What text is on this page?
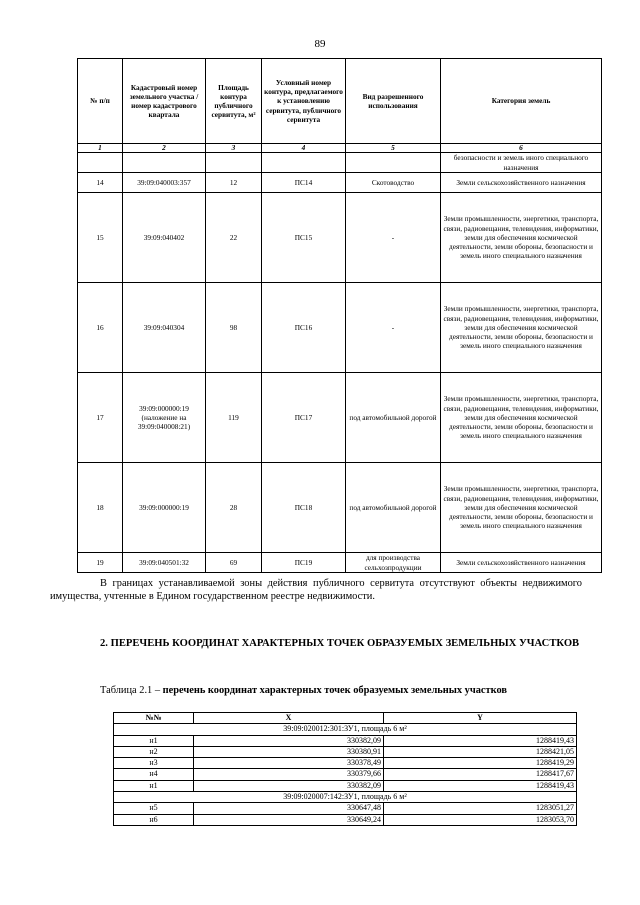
89
№ п/п	Кадастровый номер земельного участка / номер кадастрового квартала	Площадь контура публичного сервитута, м²	Условный номер контура, предлагаемого к установлению сервитута, публичного сервитута	Вид разрешенного использования	Категория земель
1	2	3	4	5	6
					безопасности и земель иного специального назначения
14	39:09:040003:357	12	ПС14	Скотоводство	Земли сельскохозяйственного назначения
15	39:09:040402	22	ПС15	-	Земли промышленности, энергетики, транспорта, связи, радиовещания, телевидения, информатики, земли для обеспечения космической деятельности, земли обороны, безопасности и земель иного специального назначения
16	39:09:040304	98	ПС16	-	Земли промышленности, энергетики, транспорта, связи, радиовещания, телевидения, информатики, земли для обеспечения космической деятельности, земли обороны, безопасности и земель иного специального назначения
17	39:09:000000:19 (наложение на 39:09:040008:21)	119	ПС17	под автомобильной дорогой	Земли промышленности, энергетики, транспорта, связи, радиовещания, телевидения, информатики, земли для обеспечения космической деятельности, земли обороны, безопасности и земель иного специального назначения
18	39:09:000000:19	28	ПС18	под автомобильной дорогой	Земли промышленности, энергетики, транспорта, связи, радиовещания, телевидения, информатики, земли для обеспечения космической деятельности, земли обороны, безопасности и земель иного специального назначения
19	39:09:040501:32	69	ПС19	для производства сельхозпродукции	Земли сельскохозяйственного назначения
В границах устанавливаемой зоны действия публичного сервитута отсутствуют объекты недвижимого имущества, учтенные в Едином государственном реестре недвижимости.
2. ПЕРЕЧЕНЬ КООРДИНАТ ХАРАКТЕРНЫХ ТОЧЕК ОБРАЗУЕМЫХ ЗЕМЕЛЬНЫХ УЧАСТКОВ
Таблица 2.1 – перечень координат характерных точек образуемых земельных участков
№№	X	Y
39:09:020012:301:ЗУ1, площадь 6 м²		
н1	330382,09	1288419,43
н2	330380,91	1288421,05
н3	330378,49	1288419,29
н4	330379,66	1288417,67
н1	330382,09	1288419,43
39:09:020007:142:ЗУ1, площадь 6 м²		
н5	330647,48	1283051,27
н6	330649,24	1283053,70
